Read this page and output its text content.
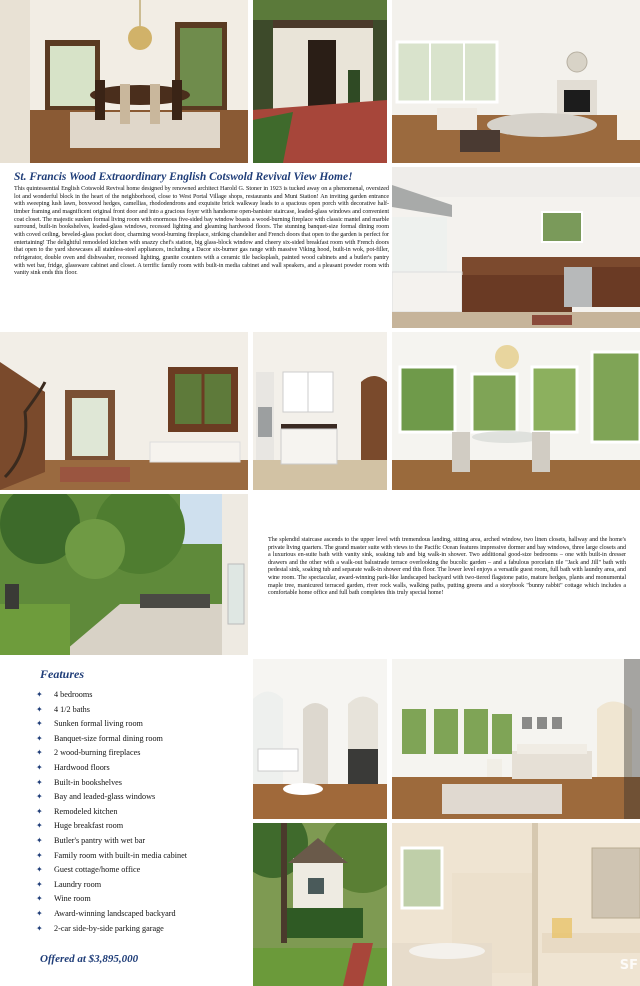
St. Francis Wood Extraordinary English Cotswold Revival View Home!

This quintessential English Cotswold Revival home designed by renowned architect Harold G. Stoner in 1923 is tucked away on a phenomenal, oversized lot and wonderful block in the heart of the neighborhood, close to West Portal Village shops, restaurants and Muni Station! An inviting garden entrance with sweeping lush lawn, boxwood hedges, camellias, rhododendrons and exquisite brick walkway leads to a spacious open porch with decorative half-timber framing and magnificent original front door and into a gracious foyer with handsome open-banister staircase, leaded-glass windows and convenient coat closet. The majestic sunken formal living room with enormous five-sided bay window boasts a wood-burning fireplace with classic mantel and marble surround, built-in bookshelves, leaded-glass windows, recessed lighting and gleaming hardwood floors. The stunning banquet-size formal dining room with coved ceiling, beveled-glass pocket door, charming wood-burning fireplace, striking chandelier and French doors that open to the garden is perfect for entertaining! The delightful remodeled kitchen with snazzy chef's station, big glass-block window and cheery six-sided breakfast room with French doors that open to the yard showcases all stainless-steel appliances, including a Dacor six-burner gas range with massive Viking hood, built-in wok, pot-filler, refrigerator, double oven and dishwasher, recessed lighting, granite counters with a ceramic tile backsplash, painted wood cabinets and a butler's pantry with wet bar, fridge, glassware cabinet and closet. A terrific family room with built-in media cabinet and wall speakers, and a pleasant powder room with vanity sink ends this floor.

The splendid staircase ascends to the upper level with tremendous landing, sitting area, arched window, two linen closets, hallway and the home's private living quarters. The grand master suite with views to the Pacific Ocean features impressive dormer and bay windows, three large closets and a luxurious en-suite bath with vanity sink, soaking tub and big walk-in shower. Two additional good-size bedrooms – one with built-in dresser drawers and the other with a walk-out balustrade terrace overlooking the bucolic garden – and a fabulous porcelain tile "Jack and Jill" bath with pedestal sink, soaking tub and separate walk-in shower end this floor. The lower level enjoys a versatile guest room, full bath with laundry area, and wine room. The spectacular, award-winning park-like landscaped backyard with two-tiered flagstone patio, mature hedges, plants and monumental maple tree, manicured terraced garden, river rock walls, walking paths, putting greens and a storybook "bunny rabbit" cottage which includes a comfortable home office and full bath completes this truly special home!

Features
✦ 4 bedrooms
✦ 4 1/2 baths
✦ Sunken formal living room
✦ Banquet-size formal dining room
✦ 2 wood-burning fireplaces
✦ Hardwood floors
✦ Built-in bookshelves
✦ Bay and leaded-glass windows
✦ Remodeled kitchen
✦ Huge breakfast room
✦ Butler's pantry with wet bar
✦ Family room with built-in media cabinet
✦ Guest cottage/home office
✦ Laundry room
✦ Wine room
✦ Award-winning landscaped backyard
✦ 2-car side-by-side parking garage
Offered at $3,895,000	SF
